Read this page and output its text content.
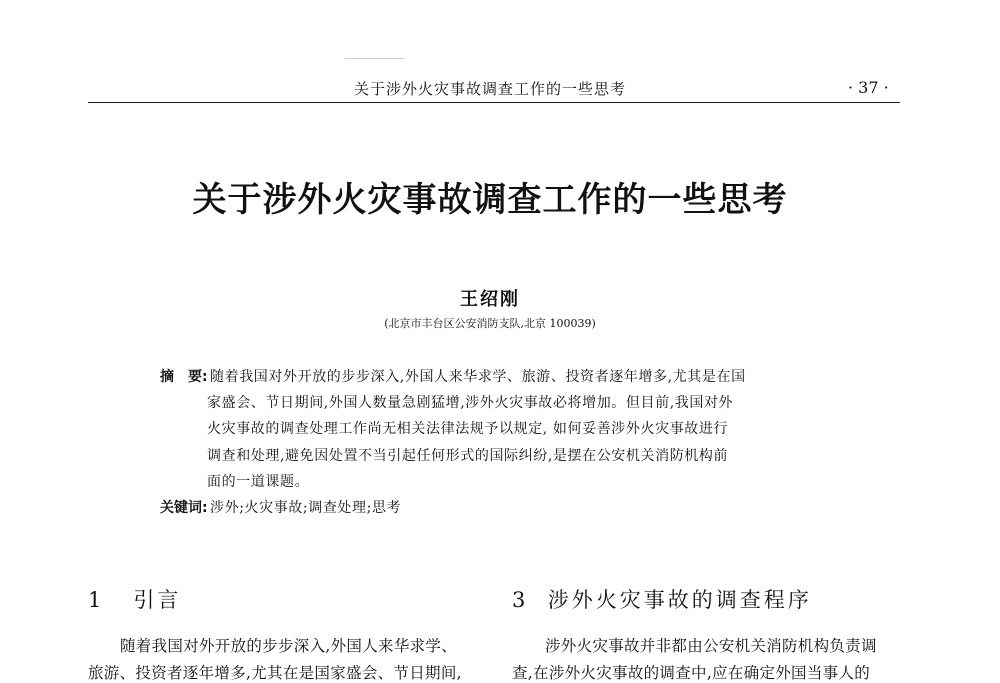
关于涉外火灾事故调查工作的一些思考	· 37 ·
关于涉外火灾事故调查工作的一些思考
王绍刚
(北京市丰台区公安消防支队,北京 100039)
摘　要: 随着我国对外开放的步步深入,外国人来华求学、旅游、投资者逐年增多,尤其是在国
家盛会、节日期间,外国人数量急剧猛增,涉外火灾事故必将增加。但目前,我国对外
火灾事故的调查处理工作尚无相关法律法规予以规定, 如何妥善涉外火灾事故进行
调查和处理,避免因处置不当引起任何形式的国际纠纷,是摆在公安机关消防机构前
面的一道课题。
关键词: 涉外;火灾事故;调查处理;思考
1 引言
随着我国对外开放的步步深入,外国人来华求学、
旅游、投资者逐年增多,尤其在是国家盛会、节日期间,
3 涉外火灾事故的调查程序
涉外火灾事故并非都由公安机关消防机构负责调
查,在涉外火灾事故的调查中,应在确定外国当事人的
